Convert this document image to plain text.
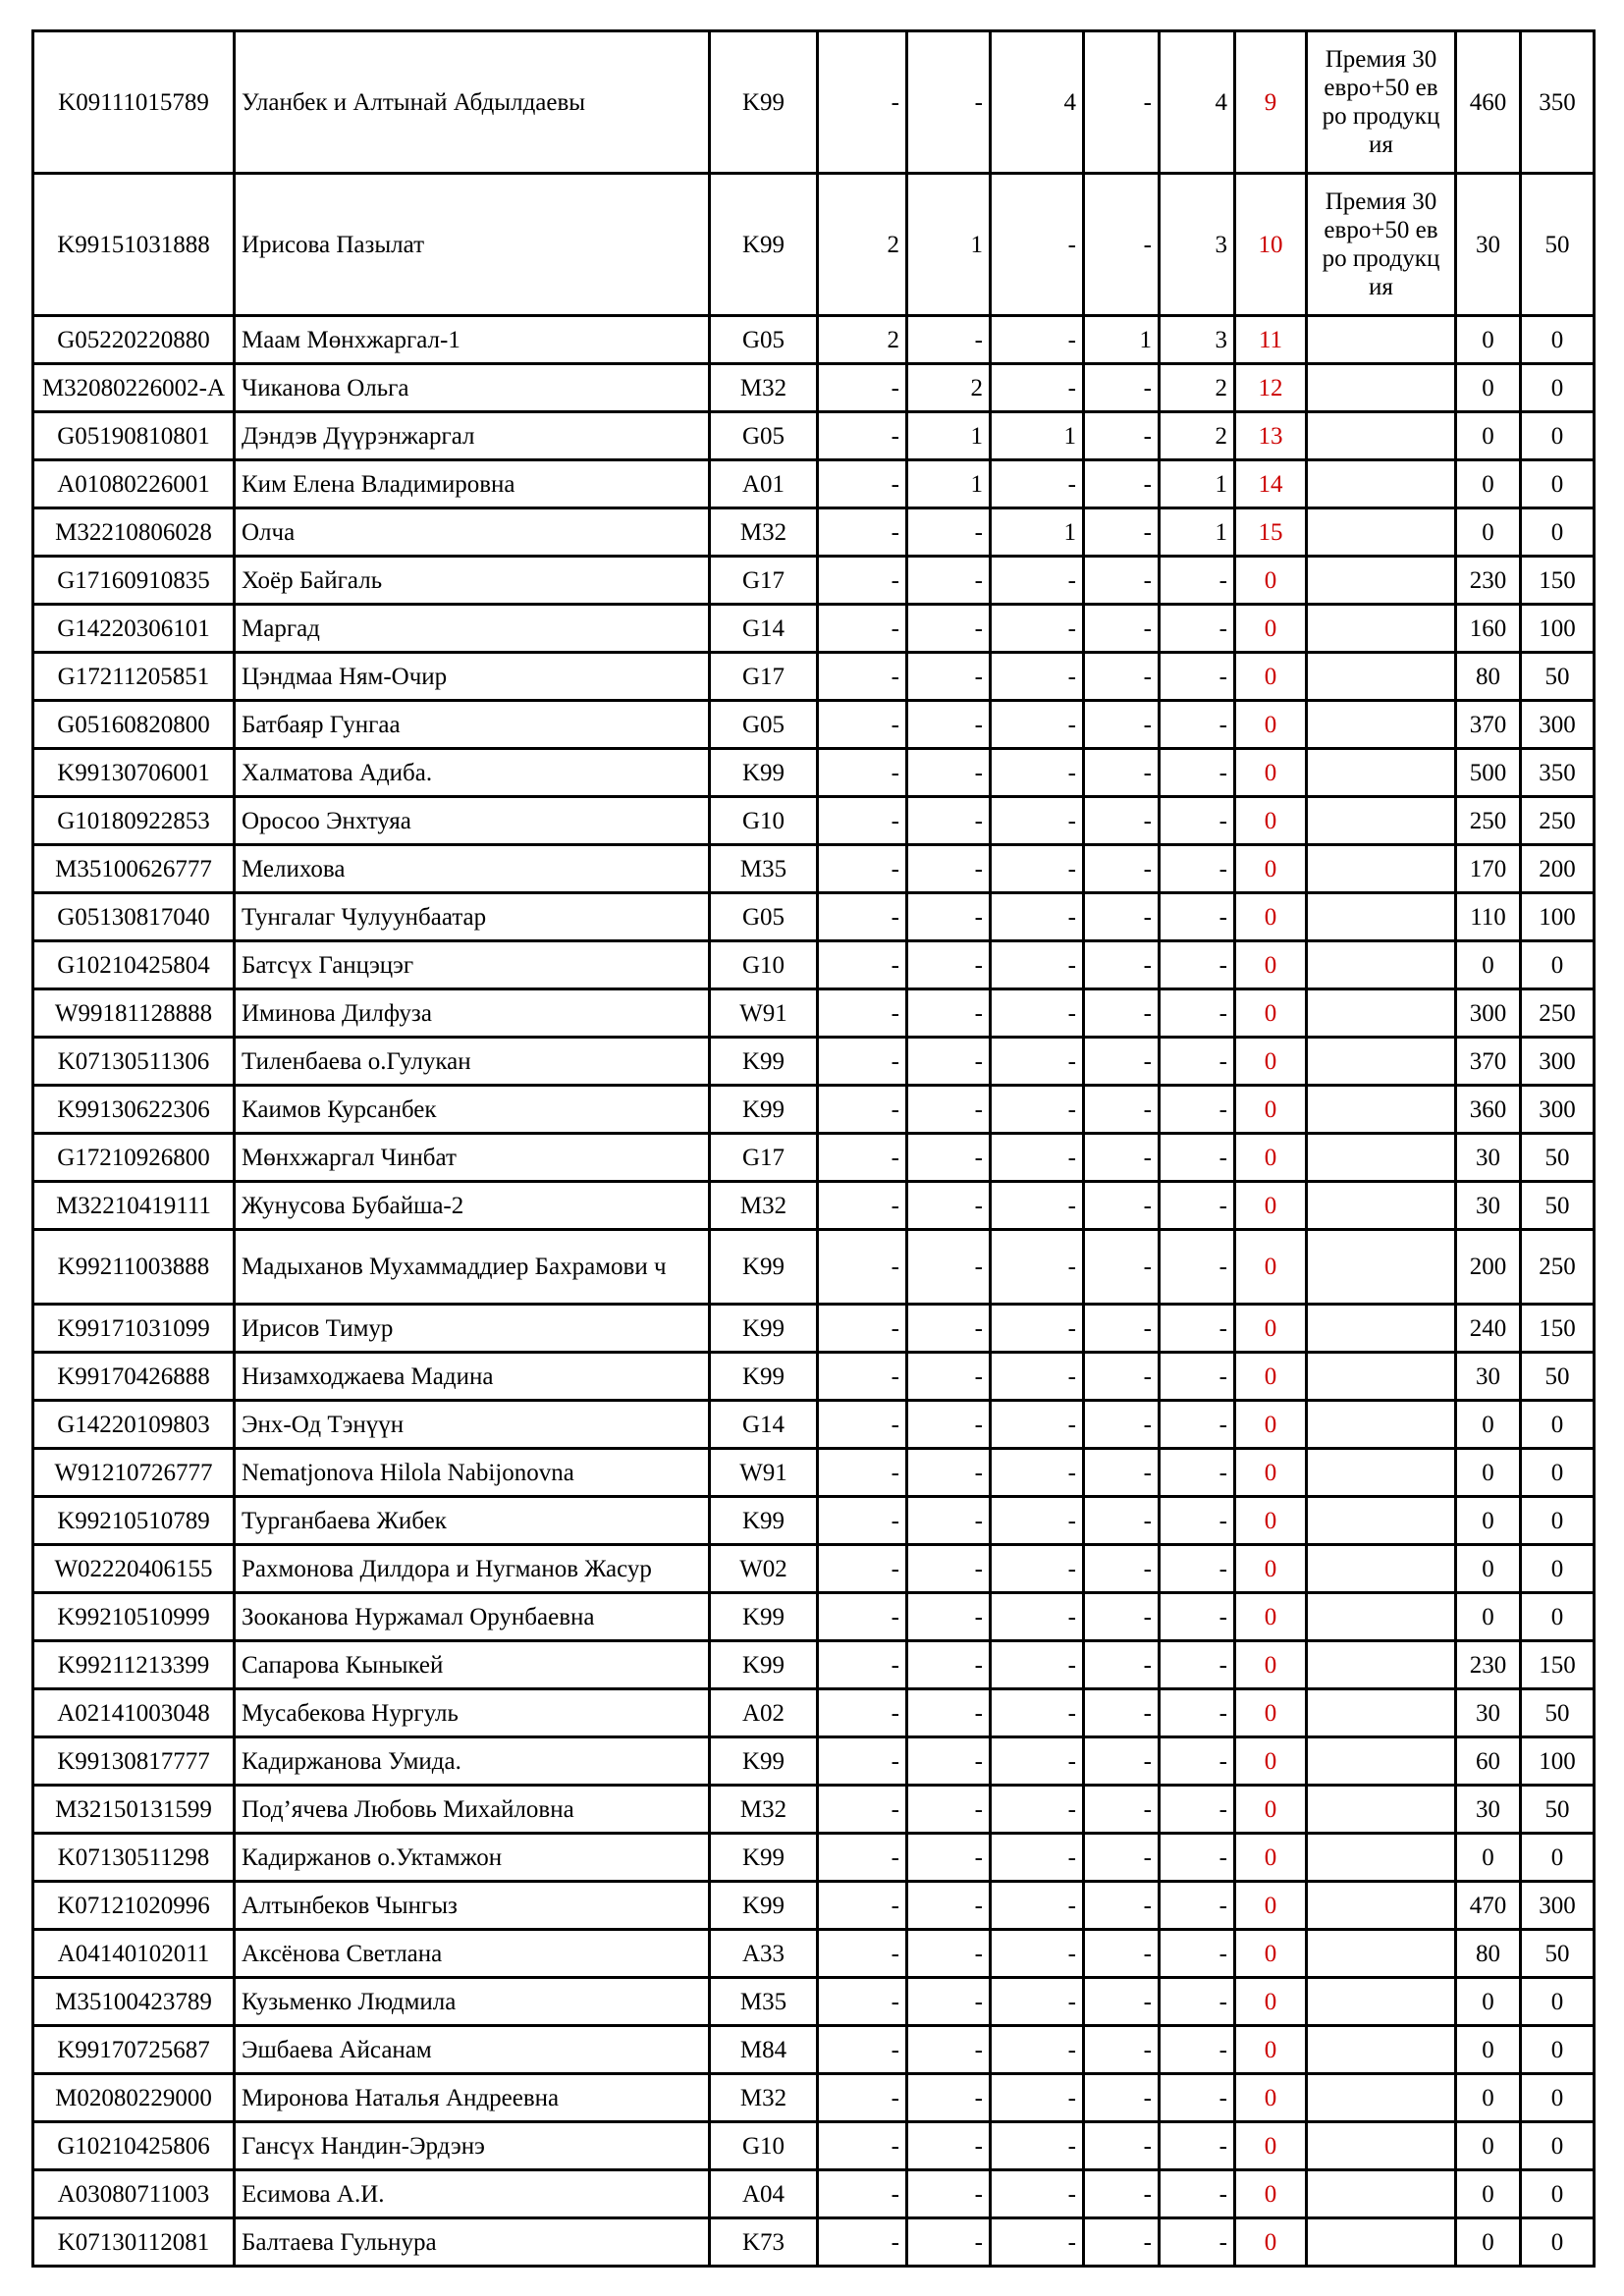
K09111015789	Уланбек и Алтынай Абдылдаевы	K99	-	-	4	-	4	9	Премия 30 евро+50 ев ро продукц ия	460	350
K99151031888	Ирисова Пазылат	K99	2	1	-	-	3	10	Премия 30 евро+50 ев ро продукц ия	30	50
G05220220880	Маам Мөнхжаргал-1	G05	2	-	-	1	3	11		0	0
M32080226002-A	Чиканова Ольга	M32	-	2	-	-	2	12		0	0
G05190810801	Дэндэв Дүүрэнжаргал	G05	-	1	1	-	2	13		0	0
A01080226001	Ким Елена Владимировна	A01	-	1	-	-	1	14		0	0
M32210806028	Олча	M32	-	-	1	-	1	15		0	0
G17160910835	Хоёр Байгаль	G17	-	-	-	-	-	0		230	150
G14220306101	Маргад	G14	-	-	-	-	-	0		160	100
G17211205851	Цэндмаа Ням-Очир	G17	-	-	-	-	-	0		80	50
G05160820800	Батбаяр Гунгаа	G05	-	-	-	-	-	0		370	300
K99130706001	Халматова Адиба.	K99	-	-	-	-	-	0		500	350
G10180922853	Оросоо Энхтуяа	G10	-	-	-	-	-	0		250	250
M35100626777	Мелихова	M35	-	-	-	-	-	0		170	200
G05130817040	Тунгалаг Чулуунбаатар	G05	-	-	-	-	-	0		110	100
G10210425804	Батсүх Ганцэцэг	G10	-	-	-	-	-	0		0	0
W99181128888	Иминова Дилфуза	W91	-	-	-	-	-	0		300	250
K07130511306	Тиленбаева о.Гулукан	K99	-	-	-	-	-	0		370	300
K99130622306	Каимов Курсанбек	K99	-	-	-	-	-	0		360	300
G17210926800	Мөнхжаргал Чинбат	G17	-	-	-	-	-	0		30	50
M32210419111	Жунусова Бубайша-2	M32	-	-	-	-	-	0		30	50
K99211003888	Мадыханов Мухаммаддиер Бахрамови ч	K99	-	-	-	-	-	0		200	250
K99171031099	Ирисов Тимур	K99	-	-	-	-	-	0		240	150
K99170426888	Низамходжаева Мадина	K99	-	-	-	-	-	0		30	50
G14220109803	Энх-Од Тэнүүн	G14	-	-	-	-	-	0		0	0
W91210726777	Nematjonova Hilola Nabijonovna	W91	-	-	-	-	-	0		0	0
K99210510789	Турганбаева Жибек	K99	-	-	-	-	-	0		0	0
W02220406155	Рахмонова Дилдора и Нугманов Жасур	W02	-	-	-	-	-	0		0	0
K99210510999	Зооканова Нуржамал Орунбаевна	K99	-	-	-	-	-	0		0	0
K99211213399	Сапарова Кыныкей	K99	-	-	-	-	-	0		230	150
A02141003048	Мусабекова Нургуль	A02	-	-	-	-	-	0		30	50
K99130817777	Кадиржанова Умида.	K99	-	-	-	-	-	0		60	100
M32150131599	Под’ячева Любовь Михайловна	M32	-	-	-	-	-	0		30	50
K07130511298	Кадиржанов о.Уктамжон	K99	-	-	-	-	-	0		0	0
K07121020996	Алтынбеков Чынгыз	K99	-	-	-	-	-	0		470	300
A04140102011	Аксёнова Светлана	A33	-	-	-	-	-	0		80	50
M35100423789	Кузьменко Людмила	M35	-	-	-	-	-	0		0	0
K99170725687	Эшбаева Айсанам	M84	-	-	-	-	-	0		0	0
M02080229000	Миронова Наталья Андреевна	M32	-	-	-	-	-	0		0	0
G10210425806	Гансүх Нандин-Эрдэнэ	G10	-	-	-	-	-	0		0	0
A03080711003	Есимова А.И.	A04	-	-	-	-	-	0		0	0
K07130112081	Балтаева Гульнура	K73	-	-	-	-	-	0		0	0
